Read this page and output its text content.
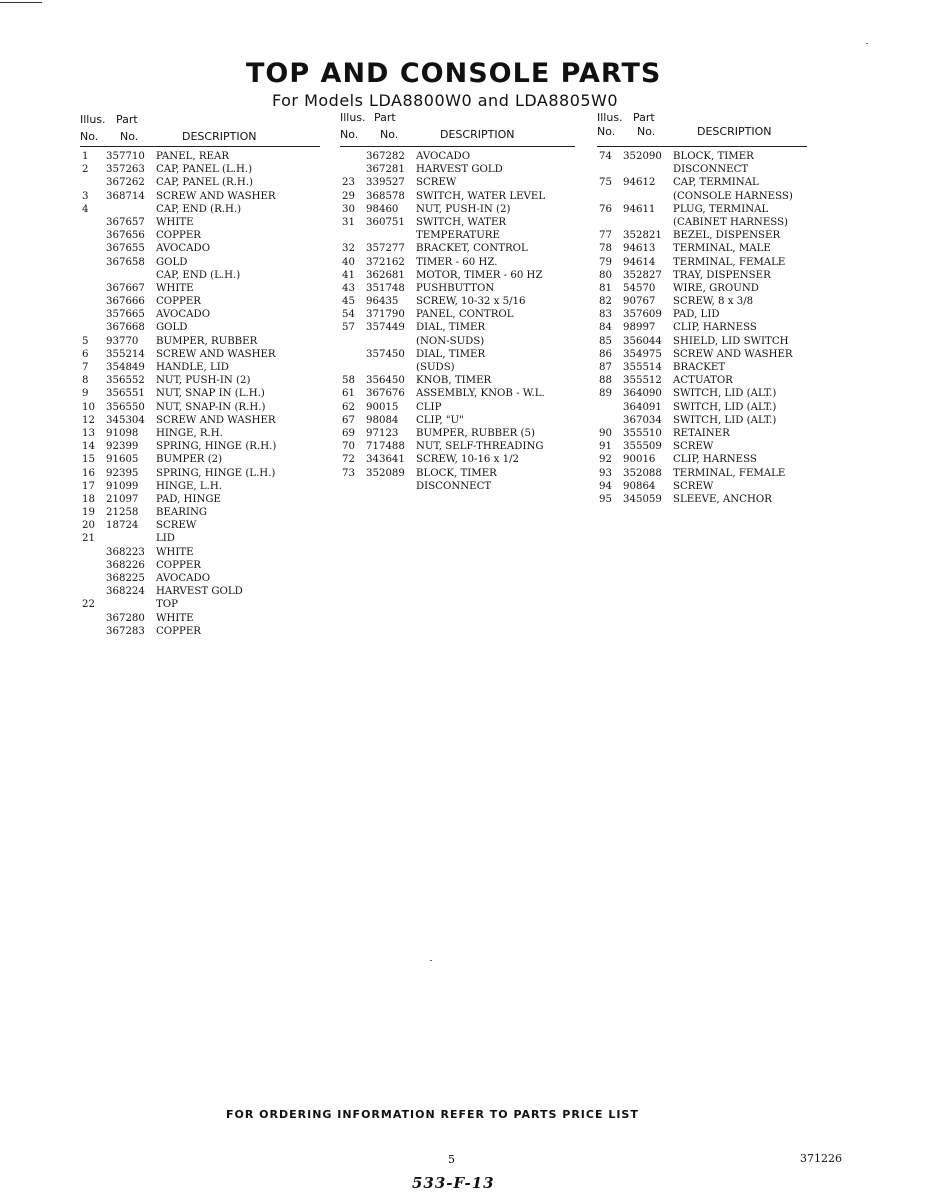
TOP AND CONSOLE PARTS
For Models LDA8800W0 and LDA8805W0
Illus. Part
No. No.	DESCRIPTION
1 357710 PANEL, REAR
2 357263 CAP, PANEL (L.H.)
367262 CAP, PANEL (R.H.)
3 368714 SCREW AND WASHER
4	CAP, END (R.H.)
367657 WHITE
367656 COPPER
367655 AVOCADO
367658 GOLD
CAP, END (L.H.)
367667 WHITE
367666 COPPER
357665 AVOCADO
367668 GOLD
5 93770 BUMPER, RUBBER
6 355214 SCREW AND WASHER
7 354849 HANDLE, LID
8 356552 NUT, PUSH-IN (2)
9 356551 NUT, SNAP IN (L.H.)
10 356550 NUT, SNAP-IN (R.H.)
12 345304 SCREW AND WASHER
13 91098 HINGE, R.H.
14 92399 SPRING, HINGE (R.H.)
15 91605 BUMPER (2)
16 92395 SPRING, HINGE (L.H.)
17 91099 HINGE, L.H.
18 21097 PAD, HINGE
19 21258 BEARING
20 18724 SCREW
21	LID
368223 WHITE
368226 COPPER
368225 AVOCADO
368224 HARVEST GOLD
22	TOP
367280 WHITE
367283 COPPER
Illus. Part
No. No.	DESCRIPTION
367282 AVOCADO
367281 HARVEST GOLD
23 339527 SCREW
29 368578 SWITCH, WATER LEVEL
30 98460 NUT, PUSH-IN (2)
31 360751 SWITCH, WATER
TEMPERATURE
32 357277 BRACKET, CONTROL
40 372162 TIMER - 60 HZ.
41 362681 MOTOR, TIMER - 60 HZ
43 351748 PUSHBUTTON
45 96435 SCREW, 10-32 x 5/16
54 371790 PANEL, CONTROL
57 357449 DIAL, TIMER
(NON-SUDS)
357450 DIAL, TIMER
(SUDS)
58 356450 KNOB, TIMER
61 367676 ASSEMBLY, KNOB - W.L.
62 90015 CLIP
67 98084 CLIP, "U"
69 97123 BUMPER, RUBBER (5)
70 717488 NUT, SELF-THREADING
72 343641 SCREW, 10-16 x 1/2
73 352089 BLOCK, TIMER
DISCONNECT
Illus. Part
No. No.	DESCRIPTION
74 352090 BLOCK, TIMER
DISCONNECT
75 94612 CAP, TERMINAL
(CONSOLE HARNESS)
76 94611 PLUG, TERMINAL
(CABINET HARNESS)
77 352821 BEZEL, DISPENSER
78 94613 TERMINAL, MALE
79 94614 TERMINAL, FEMALE
80 352827 TRAY, DISPENSER
81 54570 WIRE, GROUND
82 90767 SCREW, 8 x 3/8
83 357609 PAD, LID
84 98997 CLIP, HARNESS
85 356044 SHIELD, LID SWITCH
86 354975 SCREW AND WASHER
87 355514 BRACKET
88 355512 ACTUATOR
89 364090 SWITCH, LID (ALT.)
364091 SWITCH, LID (ALT.)
367034 SWITCH, LID (ALT.)
90 355510 RETAINER
91 355509 SCREW
92 90016 CLIP, HARNESS
93 352088 TERMINAL, FEMALE
94 90864 SCREW
95 345059 SLEEVE, ANCHOR
FOR ORDERING INFORMATION REFER TO PARTS PRICE LIST
5	371226
533-F-13
